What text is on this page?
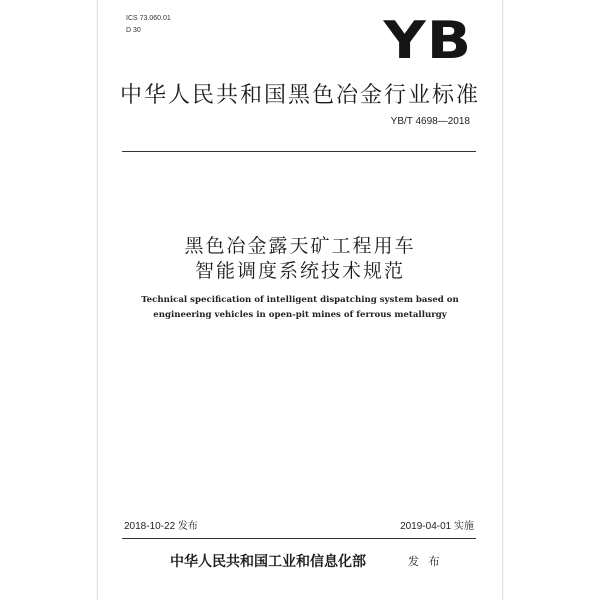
ICS 73.060.01
D 30	YB
中华人民共和国黑色冶金行业标准
YB/T 4698—2018
黑色冶金露天矿工程用车
智能调度系统技术规范
Technical specification of intelligent dispatching system based on
engineering vehicles in open-pit mines of ferrous metallurgy
2018-10-22 发布	2019-04-01 实施
中华人民共和国工业和信息化部	发 布
